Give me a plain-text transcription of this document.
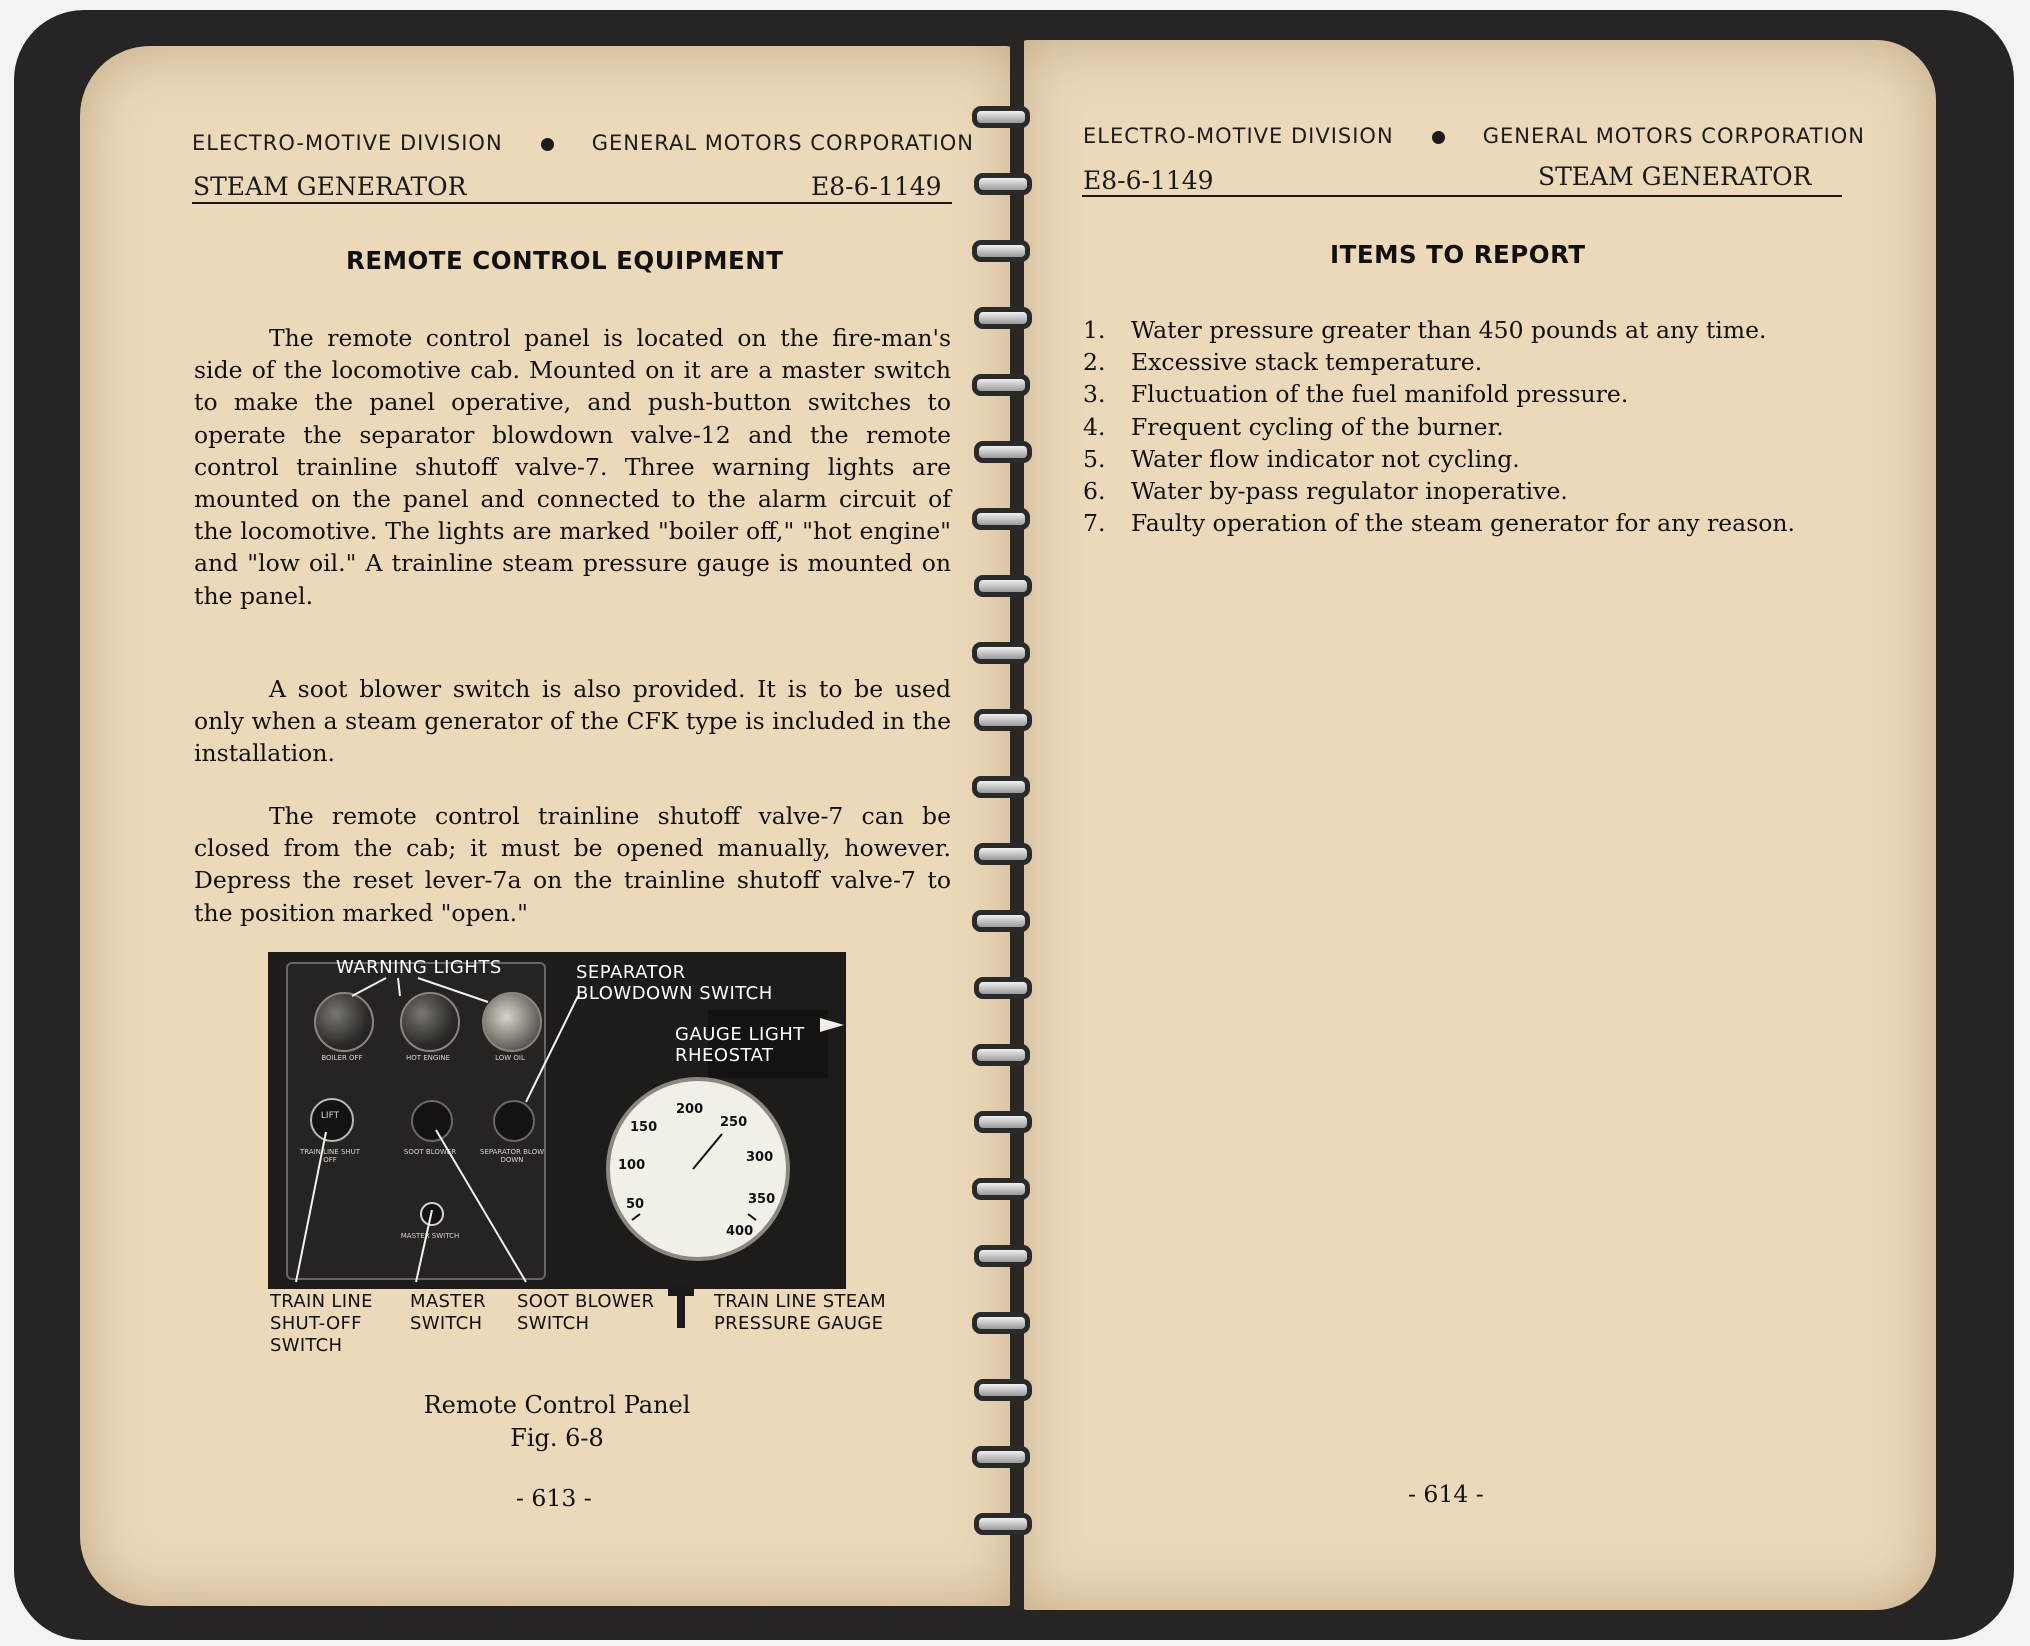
ELECTRO-MOTIVE DIVISION	GENERAL MOTORS CORPORATION
STEAM GENERATOR	E8-6-1149
REMOTE CONTROL EQUIPMENT

The remote control panel is located on the fire-man's side of the locomotive cab. Mounted on it are a master switch to make the panel operative, and push-button switches to operate the separator blowdown valve-12 and the remote control trainline shutoff valve-7. Three warning lights are mounted on the panel and connected to the alarm circuit of the locomotive. The lights are marked "boiler off," "hot engine" and "low oil." A trainline steam pressure gauge is mounted on the panel.

A soot blower switch is also provided. It is to be used only when a steam generator of the CFK type is included in the installation.

The remote control trainline shutoff valve-7 can be closed from the cab; it must be opened manually, however. Depress the reset lever-7a on the trainline shutoff valve-7 to the position marked "open."

BOILER OFF	HOT ENGINE	LOW OIL
LIFT
TRAIN LINE SHUT OFF
SOOT BLOWER	SEPARATOR BLOW DOWN
MASTER SWITCH
50
100
150
200
250
300
350
400
WARNING LIGHTS	SEPARATOR
BLOWDOWN SWITCH
GAUGE LIGHT
RHEOSTAT
TRAIN LINE
SHUT-OFF
SWITCH
MASTER
SWITCH
SOOT BLOWER
SWITCH
TRAIN LINE STEAM
PRESSURE GAUGE
Remote Control Panel
Fig. 6-8
- 613 -
ELECTRO-MOTIVE DIVISION	GENERAL MOTORS CORPORATION
E8-6-1149	STEAM GENERATOR
ITEMS TO REPORT
1.	Water pressure greater than 450 pounds at any time.
2.	Excessive stack temperature.
3.	Fluctuation of the fuel manifold pressure.
4.	Frequent cycling of the burner.
5.	Water flow indicator not cycling.
6.	Water by-pass regulator inoperative.
7.	Faulty operation of the steam generator for any reason.
- 614 -
